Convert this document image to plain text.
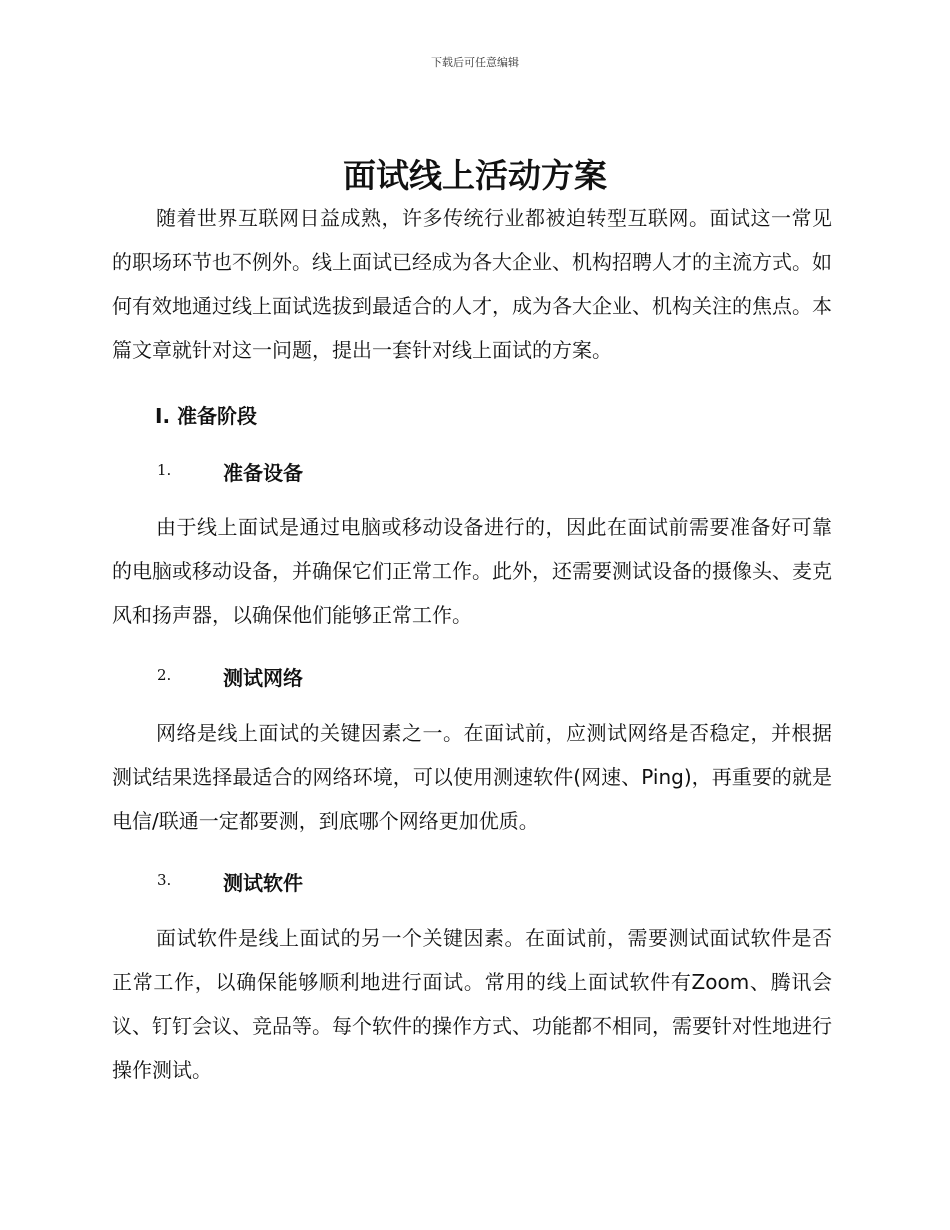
下载后可任意编辑
面试线上活动方案

随着世界互联网日益成熟，许多传统行业都被迫转型互联网。面试这一常见的职场环节也不例外。线上面试已经成为各大企业、机构招聘人才的主流方式。如何有效地通过线上面试选拔到最适合的人才，成为各大企业、机构关注的焦点。本篇文章就针对这一问题，提出一套针对线上面试的方案。

I. 准备阶段
1.	准备设备

由于线上面试是通过电脑或移动设备进行的，因此在面试前需要准备好可靠的电脑或移动设备，并确保它们正常工作。此外，还需要测试设备的摄像头、麦克风和扬声器，以确保他们能够正常工作。

2.	测试网络

网络是线上面试的关键因素之一。在面试前，应测试网络是否稳定，并根据测试结果选择最适合的网络环境，可以使用测速软件(网速、Ping)，再重要的就是电信/联通一定都要测，到底哪个网络更加优质。

3.	测试软件

面试软件是线上面试的另一个关键因素。在面试前，需要测试面试软件是否正常工作，以确保能够顺利地进行面试。常用的线上面试软件有Zoom、腾讯会议、钉钉会议、竞品等。每个软件的操作方式、功能都不相同，需要针对性地进行操作测试。
